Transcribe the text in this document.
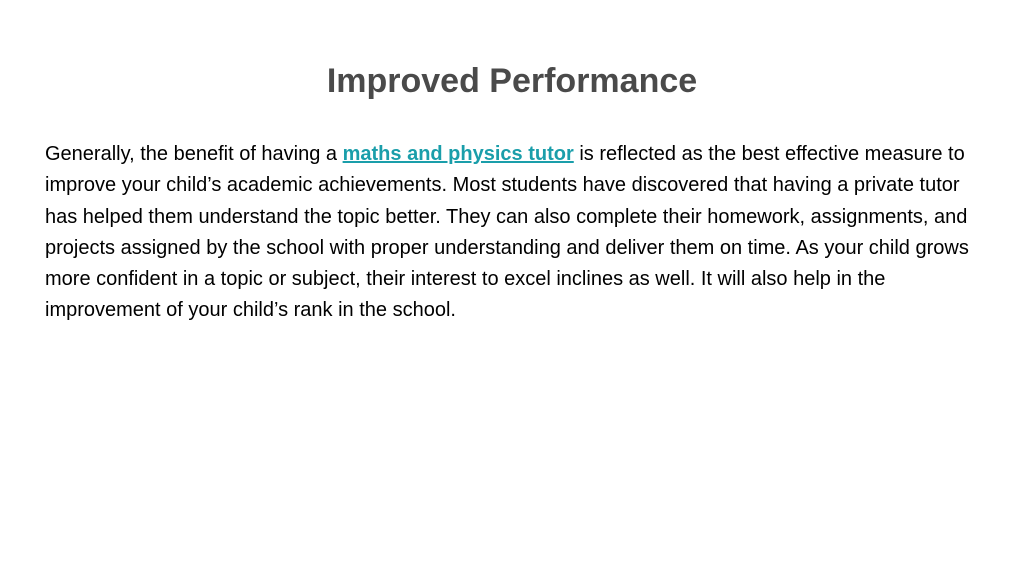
Improved Performance

Generally, the benefit of having a maths and physics tutor is reflected as the best effective measure to improve your child’s academic achievements. Most students have discovered that having a private tutor has helped them understand the topic better. They can also complete their homework, assignments, and projects assigned by the school with proper understanding and deliver them on time. As your child grows more confident in a topic or subject, their interest to excel inclines as well. It will also help in the improvement of your child’s rank in the school.
